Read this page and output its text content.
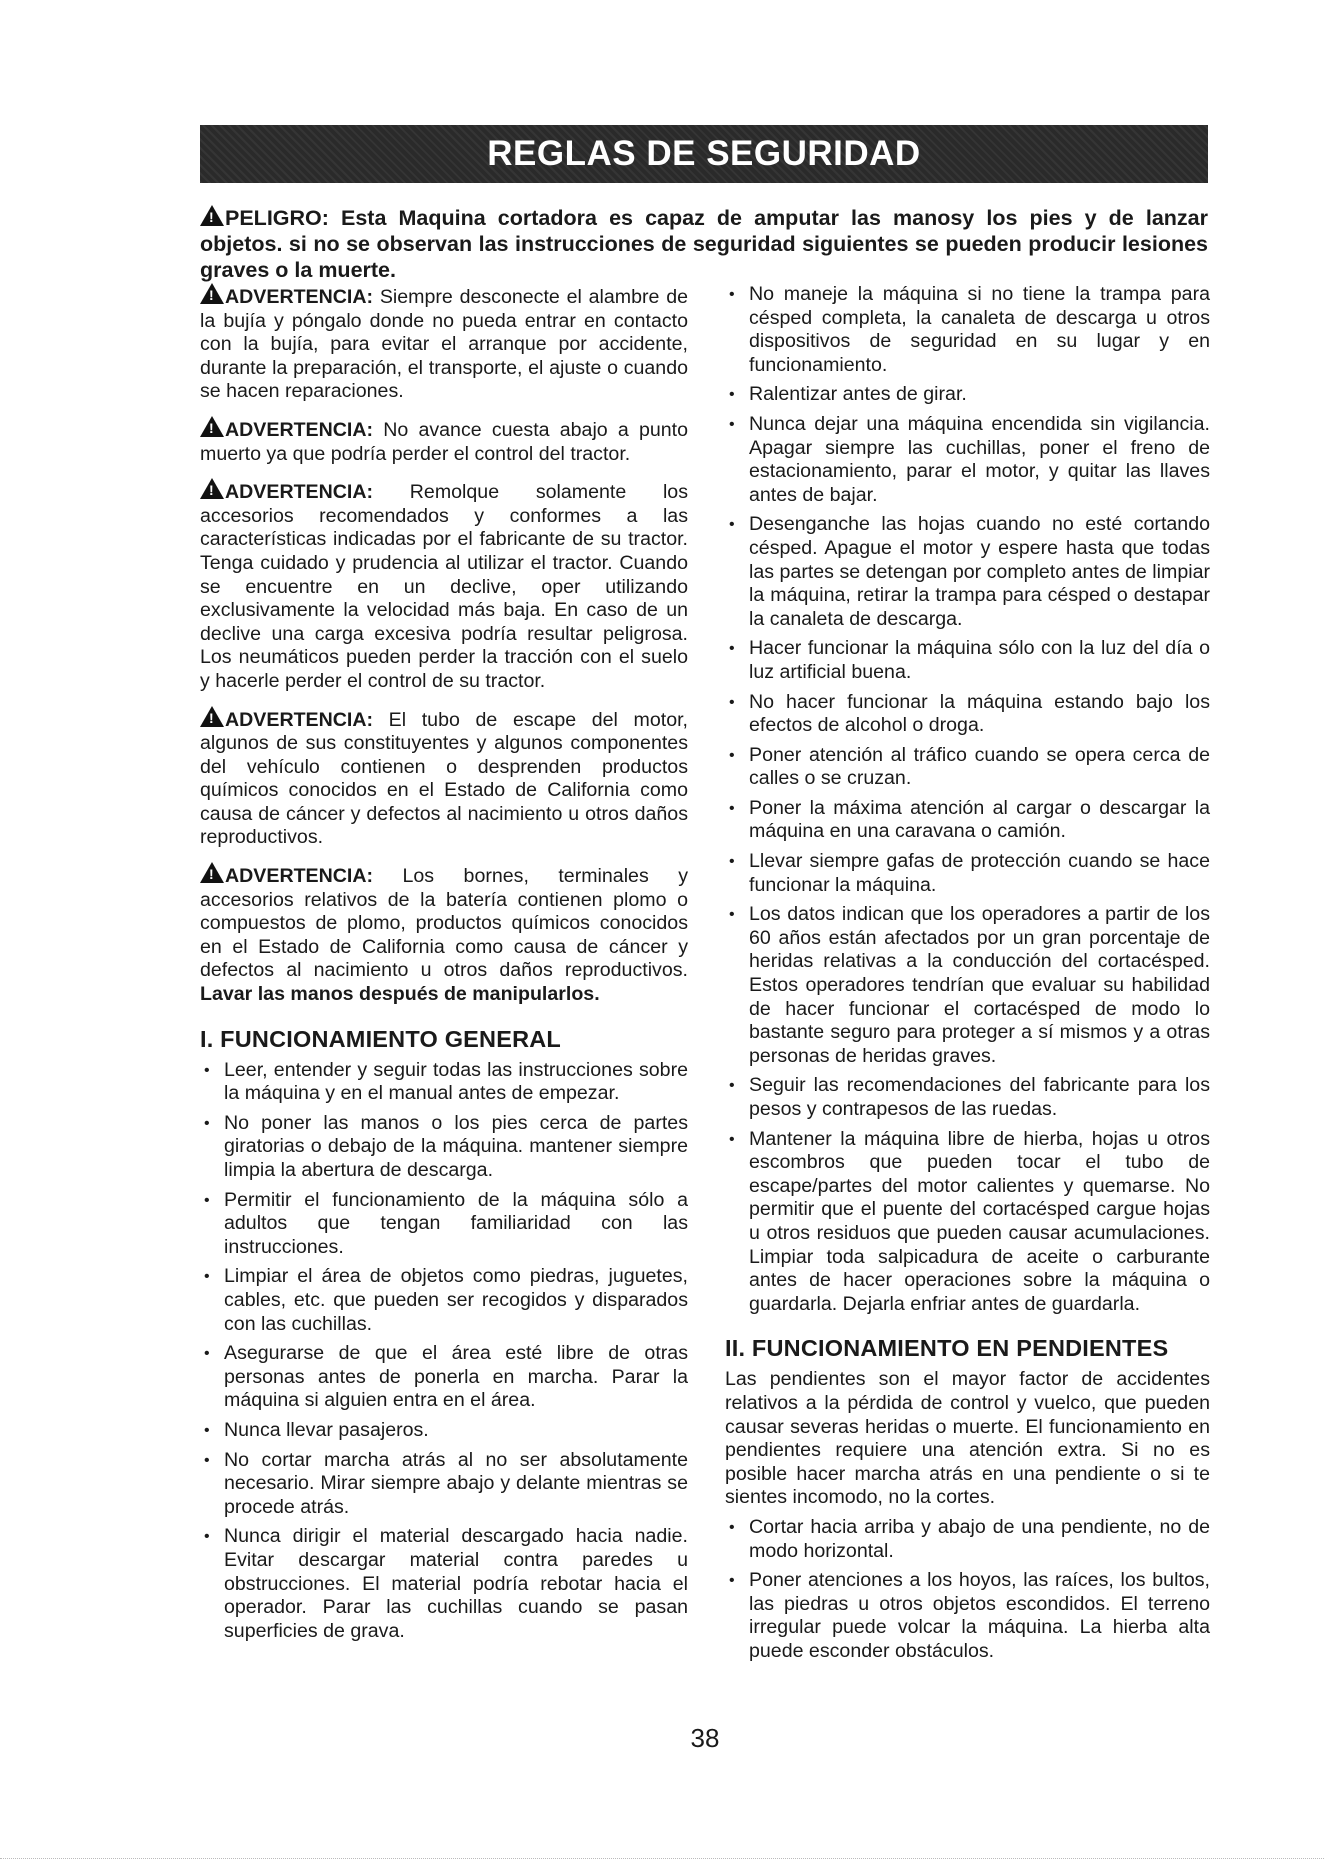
REGLAS DE SEGURIDAD

!PELIGRO: Esta Maquina cortadora es capaz de amputar las manosy los pies y de lanzar objetos. si no se observan las instrucciones de seguridad siguientes se pueden producir lesiones graves o la muerte.

!ADVERTENCIA: Siempre desconecte el alambre de la bujía y póngalo donde no pueda entrar en contacto con la bujía, para evitar el arranque por accidente, durante la preparación, el transporte, el ajuste o cuando se hacen reparaciones.

!ADVERTENCIA: No avance cuesta abajo a punto muerto ya que podría perder el control del tractor.

!ADVERTENCIA: Remolque solamente los accesorios recomendados y conformes a las características indicadas por el fabricante de su tractor. Tenga cuidado y prudencia al utilizar el tractor. Cuando se encuentre en un declive, oper utilizando exclusivamente la velocidad más baja. En caso de un declive una carga excesiva podría resultar peligrosa. Los neumáticos pueden perder la tracción con el suelo y hacerle perder el control de su tractor.

!ADVERTENCIA: El tubo de escape del motor, algunos de sus constituyentes y algunos componentes del vehículo contienen o desprenden productos químicos conocidos en el Estado de California como causa de cáncer y defectos al nacimiento u otros daños reproductivos.

!ADVERTENCIA: Los bornes, terminales y accesorios relativos de la batería contienen plomo o compuestos de plomo, productos químicos conocidos en el Estado de California como causa de cáncer y defectos al nacimiento u otros daños reproductivos. Lavar las manos después de manipularlos.

I. FUNCIONAMIENTO GENERAL
• Leer, entender y seguir todas las instrucciones sobre la máquina y en el manual antes de empezar.
• No poner las manos o los pies cerca de partes giratorias o debajo de la máquina. mantener siempre limpia la abertura de descarga.
• Permitir el funcionamiento de la máquina sólo a adultos que tengan familiaridad con las instrucciones.
• Limpiar el área de objetos como piedras, juguetes, cables, etc. que pueden ser recogidos y disparados con las cuchillas.
• Asegurarse de que el área esté libre de otras personas antes de ponerla en marcha. Parar la máquina si alguien entra en el área.
• Nunca llevar pasajeros.
• No cortar marcha atrás al no ser absolutamente necesario. Mirar siempre abajo y delante mientras se procede atrás.
• Nunca dirigir el material descargado hacia nadie. Evitar descargar material contra paredes u obstrucciones. El material podría rebotar hacia el operador. Parar las cuchillas cuando se pasan superficies de grava.
• No maneje la máquina si no tiene la trampa para césped completa, la canaleta de descarga u otros dispositivos de seguridad en su lugar y en funcionamiento.
• Ralentizar antes de girar.
• Nunca dejar una máquina encendida sin vigilancia. Apagar siempre las cuchillas, poner el freno de estacionamiento, parar el motor, y quitar las llaves antes de bajar.
• Desenganche las hojas cuando no esté cortando césped. Apague el motor y espere hasta que todas las partes se detengan por completo antes de limpiar la máquina, retirar la trampa para césped o destapar la canaleta de descarga.
• Hacer funcionar la máquina sólo con la luz del día o luz artificial buena.
• No hacer funcionar la máquina estando bajo los efectos de alcohol o droga.
• Poner atención al tráfico cuando se opera cerca de calles o se cruzan.
• Poner la máxima atención al cargar o descargar la máquina en una caravana o camión.
• Llevar siempre gafas de protección cuando se hace funcionar la máquina.
• Los datos indican que los operadores a partir de los 60 años están afectados por un gran porcentaje de heridas relativas a la conducción del cortacésped. Estos operadores tendrían que evaluar su habilidad de hacer funcionar el cortacésped de modo lo bastante seguro para proteger a sí mismos y a otras personas de heridas graves.
• Seguir las recomendaciones del fabricante para los pesos y contrapesos de las ruedas.
• Mantener la máquina libre de hierba, hojas u otros escombros que pueden tocar el tubo de escape/partes del motor calientes y quemarse. No permitir que el puente del cortacésped cargue hojas u otros residuos que pueden causar acumulaciones. Limpiar toda salpicadura de aceite o carburante antes de hacer operaciones sobre la máquina o guardarla. Dejarla enfriar antes de guardarla.
II. FUNCIONAMIENTO EN PENDIENTES

Las pendientes son el mayor factor de accidentes relativos a la pérdida de control y vuelco, que pueden causar severas heridas o muerte. El funcionamiento en pendientes requiere una atención extra. Si no es posible hacer marcha atrás en una pendiente o si te sientes incomodo, no la cortes.

• Cortar hacia arriba y abajo de una pendiente, no de modo horizontal.
• Poner atenciones a los hoyos, las raíces, los bultos, las piedras u otros objetos escondidos. El terreno irregular puede volcar la máquina. La hierba alta puede esconder obstáculos.
38
